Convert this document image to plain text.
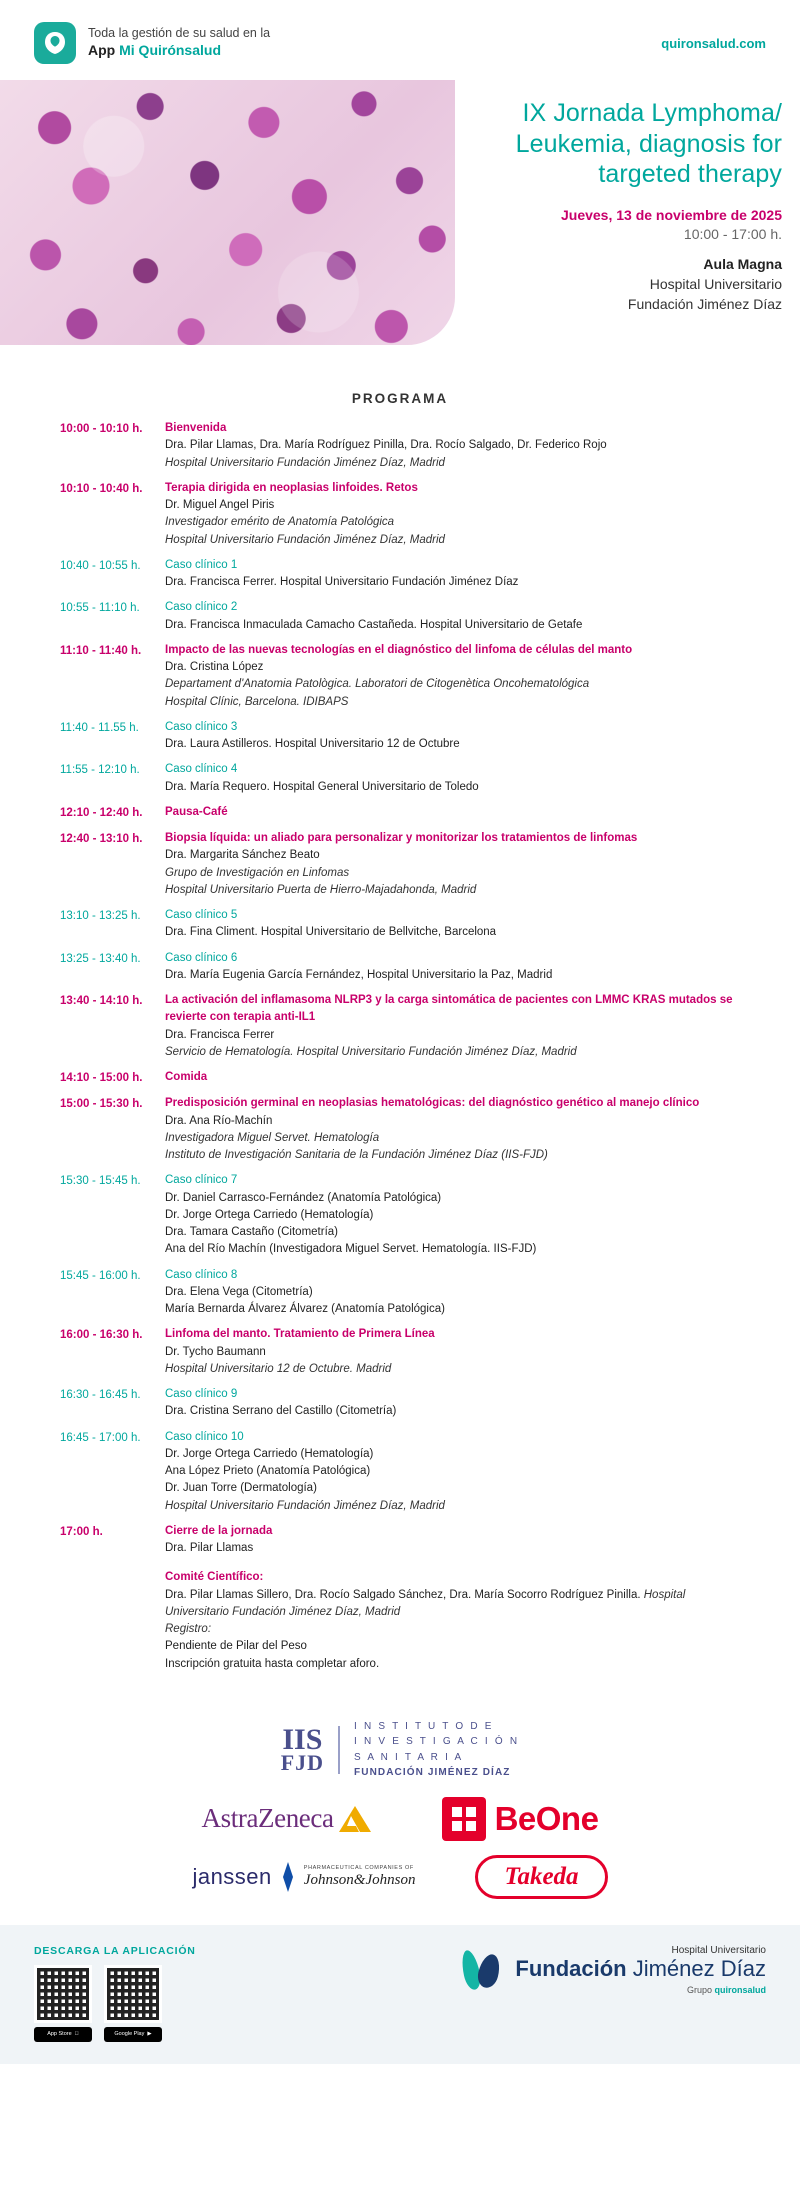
Toda la gestión de su salud en la
App Mi Quirónsalud	quironsalud.com
IX Jornada Lymphoma/ Leukemia, diagnosis for targeted therapy
Jueves, 13 de noviembre de 2025
10:00 - 17:00 h.
Aula Magna
Hospital Universitario
Fundación Jiménez Díaz
PROGRAMA
10:00 - 10:10 h.	Bienvenida
Dra. Pilar Llamas, Dra. María Rodríguez Pinilla, Dra. Rocío Salgado, Dr. Federico Rojo
Hospital Universitario Fundación Jiménez Díaz, Madrid
10:10 - 10:40 h.	Terapia dirigida en neoplasias linfoides. Retos
Dr. Miguel Angel Piris
Investigador emérito de Anatomía Patológica
Hospital Universitario Fundación Jiménez Díaz, Madrid
10:40 - 10:55 h.	Caso clínico 1
Dra. Francisca Ferrer. Hospital Universitario Fundación Jiménez Díaz
10:55 - 11:10 h.	Caso clínico 2
Dra. Francisca Inmaculada Camacho Castañeda. Hospital Universitario de Getafe
11:10 - 11:40 h.	Impacto de las nuevas tecnologías en el diagnóstico del linfoma de células del manto
Dra. Cristina López
Departament d'Anatomia Patològica. Laboratori de Citogenètica Oncohematológica
Hospital Clínic, Barcelona. IDIBAPS
11:40 - 11.55 h.	Caso clínico 3
Dra. Laura Astilleros. Hospital Universitario 12 de Octubre
11:55 - 12:10 h.	Caso clínico 4
Dra. María Requero. Hospital General Universitario de Toledo
12:10 - 12:40 h.	Pausa-Café
12:40 - 13:10 h.	Biopsia líquida: un aliado para personalizar y monitorizar los tratamientos de linfomas
Dra. Margarita Sánchez Beato
Grupo de Investigación en Linfomas
Hospital Universitario Puerta de Hierro-Majadahonda, Madrid
13:10 - 13:25 h.	Caso clínico 5
Dra. Fina Climent. Hospital Universitario de Bellvitche, Barcelona
13:25 - 13:40 h.	Caso clínico 6
Dra. María Eugenia García Fernández, Hospital Universitario la Paz, Madrid
13:40 - 14:10 h.	La activación del inflamasoma NLRP3 y la carga sintomática de pacientes con LMMC KRAS mutados se revierte con terapia anti-IL1
Dra. Francisca Ferrer
Servicio de Hematología. Hospital Universitario Fundación Jiménez Díaz, Madrid
14:10 - 15:00 h.	Comida
15:00 - 15:30 h.	Predisposición germinal en neoplasias hematológicas: del diagnóstico genético al manejo clínico
Dra. Ana Río-Machín
Investigadora Miguel Servet. Hematología
Instituto de Investigación Sanitaria de la Fundación Jiménez Díaz (IIS-FJD)
15:30 - 15:45 h.	Caso clínico 7
Dr. Daniel Carrasco-Fernández (Anatomía Patológica)
Dr. Jorge Ortega Carriedo (Hematología)
Dra. Tamara Castaño (Citometría)
Ana del Río Machín (Investigadora Miguel Servet. Hematología. IIS-FJD)
15:45 - 16:00 h.	Caso clínico 8
Dra. Elena Vega (Citometría)
María Bernarda Álvarez Álvarez (Anatomía Patológica)
16:00 - 16:30 h.	Linfoma del manto. Tratamiento de Primera Línea
Dr. Tycho Baumann
Hospital Universitario 12 de Octubre. Madrid
16:30 - 16:45 h.	Caso clínico 9
Dra. Cristina Serrano del Castillo (Citometría)
16:45 - 17:00 h.	Caso clínico 10
Dr. Jorge Ortega Carriedo (Hematología)
Ana López Prieto (Anatomía Patológica)
Dr. Juan Torre (Dermatología)
Hospital Universitario Fundación Jiménez Díaz, Madrid
17:00 h.	Cierre de la jornada
Dra. Pilar Llamas
Comité Científico:
Dra. Pilar Llamas Sillero, Dra. Rocío Salgado Sánchez, Dra. María Socorro Rodríguez Pinilla. Hospital Universitario Fundación Jiménez Díaz, Madrid
Registro:
Pendiente de Pilar del Peso
Inscripción gratuita hasta completar aforo.
IIS
FJD
I N S T I T U T O D E
I N V E S T I G A C I Ó N
S A N I T A R I A
FUNDACIÓN JIMÉNEZ DÍAZ
AstraZeneca	BeOne
janssen	PHARMACEUTICAL COMPANIES OF
Johnson&Johnson	Takeda
DESCARGA LA APLICACIÓN
App Store	Google Play ▶
Hospital Universitario
Fundación Jiménez Díaz
Grupo quironsalud
